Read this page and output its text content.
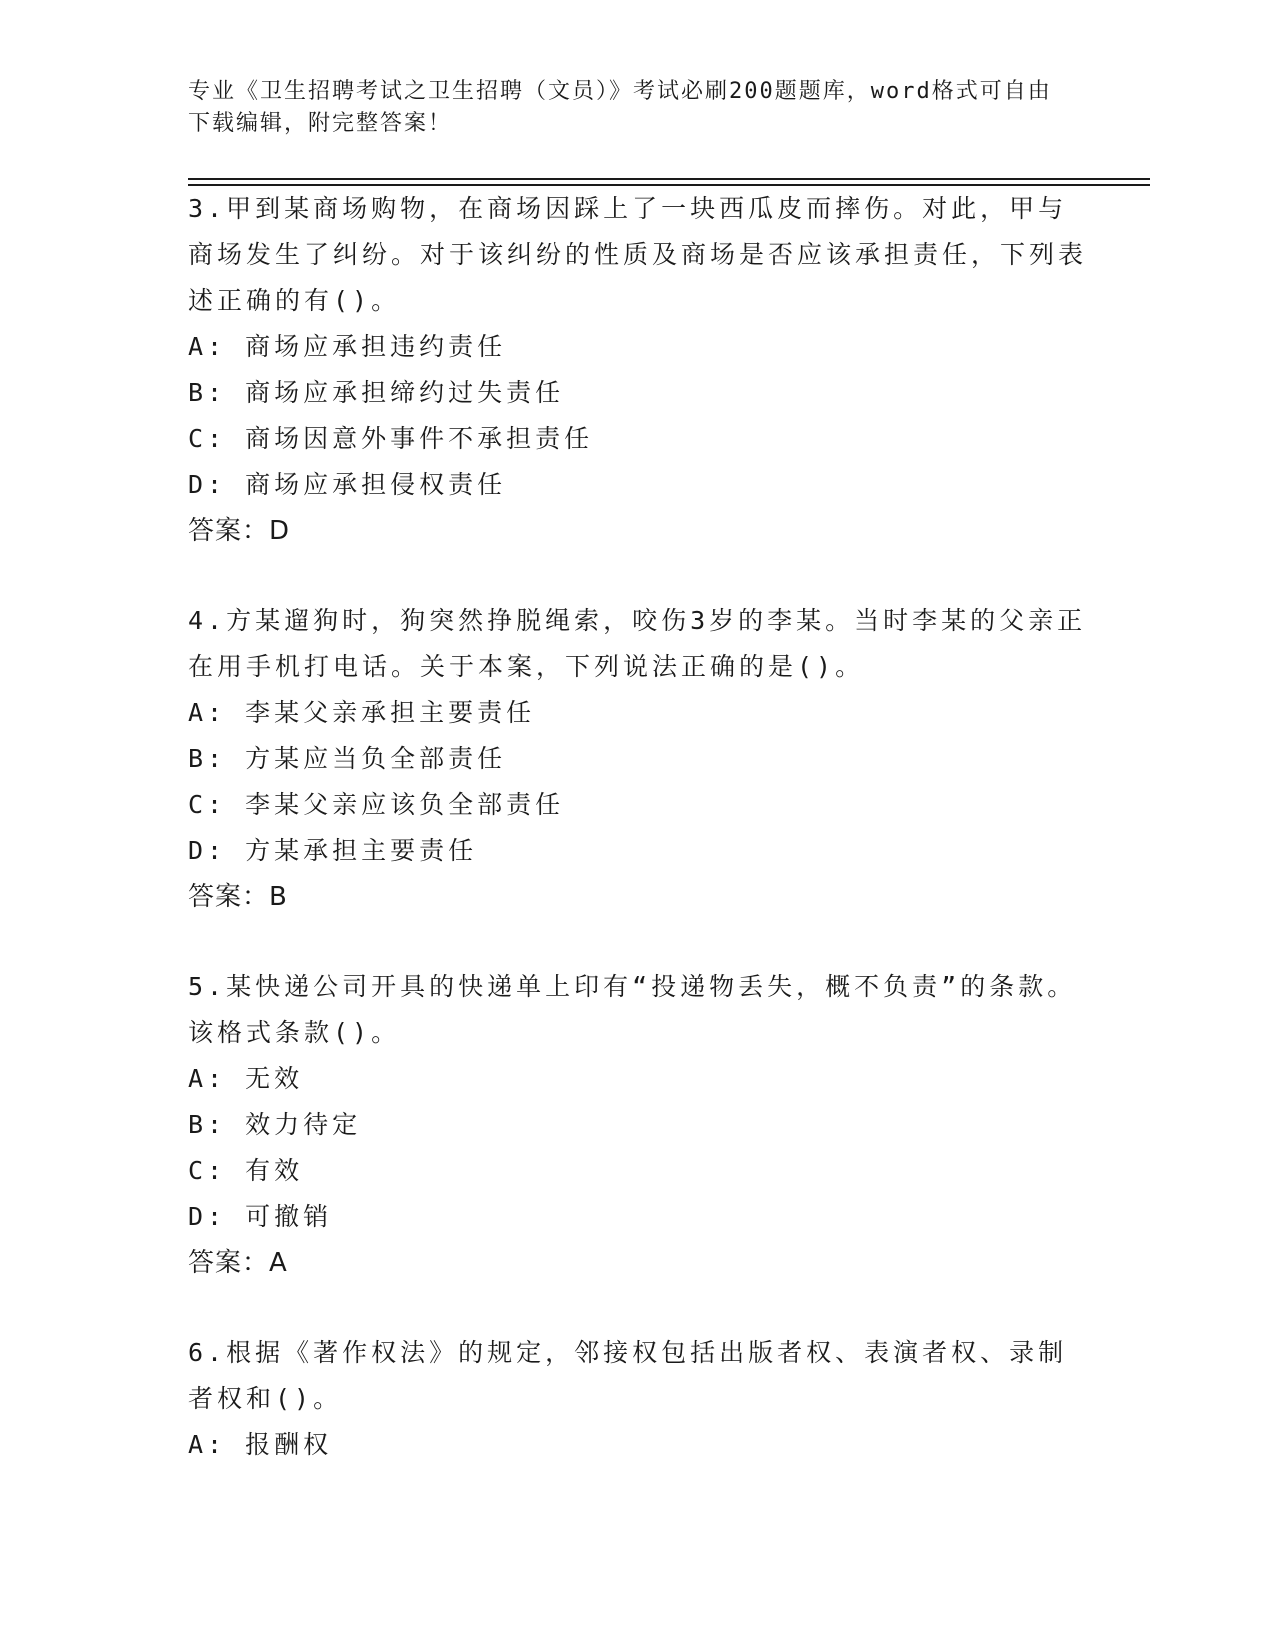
专业《卫生招聘考试之卫生招聘（文员）》考试必刷200题题库，word格式可自由下载编辑，附完整答案！
3.甲到某商场购物，在商场因踩上了一块西瓜皮而摔伤。对此，甲与商场发生了纠纷。对于该纠纷的性质及商场是否应该承担责任，下列表述正确的有()。
A: 商场应承担违约责任
B: 商场应承担缔约过失责任
C: 商场因意外事件不承担责任
D: 商场应承担侵权责任
答案：D
4.方某遛狗时，狗突然挣脱绳索，咬伤3岁的李某。当时李某的父亲正在用手机打电话。关于本案，下列说法正确的是()。
A: 李某父亲承担主要责任
B: 方某应当负全部责任
C: 李某父亲应该负全部责任
D: 方某承担主要责任
答案：B
5.某快递公司开具的快递单上印有“投递物丢失，概不负责”的条款。该格式条款()。
A: 无效
B: 效力待定
C: 有效
D: 可撤销
答案：A
6.根据《著作权法》的规定，邻接权包括出版者权、表演者权、录制者权和()。
A: 报酬权
